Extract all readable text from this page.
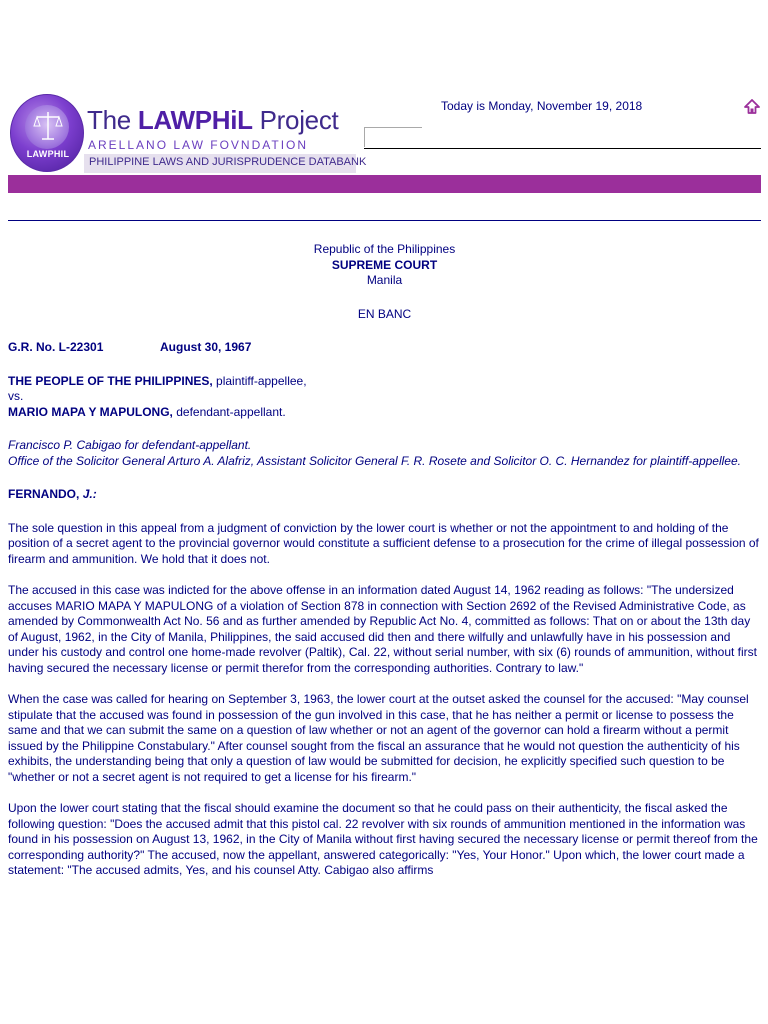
LAWPHIL
The LAWPHiL Project
ARELLANO LAW FOVNDATION
PHILIPPINE LAWS AND JURISPRUDENCE DATABANK
Today is Monday, November 19, 2018
Republic of the Philippines
SUPREME COURT
Manila
EN BANC
G.R. No. L-22301	August 30, 1967
THE PEOPLE OF THE PHILIPPINES, plaintiff-appellee,
vs.
MARIO MAPA Y MAPULONG, defendant-appellant.
Francisco P. Cabigao for defendant-appellant.
Office of the Solicitor General Arturo A. Alafriz, Assistant Solicitor General F. R. Rosete and Solicitor O. C. Hernandez for plaintiff-appellee.
FERNANDO, J.:

The sole question in this appeal from a judgment of conviction by the lower court is whether or not the appointment to and holding of the position of a secret agent to the provincial governor would constitute a sufficient defense to a prosecution for the crime of illegal possession of firearm and ammunition. We hold that it does not.

The accused in this case was indicted for the above offense in an information dated August 14, 1962 reading as follows: "The undersized accuses MARIO MAPA Y MAPULONG of a violation of Section 878 in connection with Section 2692 of the Revised Administrative Code, as amended by Commonwealth Act No. 56 and as further amended by Republic Act No. 4, committed as follows: That on or about the 13th day of August, 1962, in the City of Manila, Philippines, the said accused did then and there wilfully and unlawfully have in his possession and under his custody and control one home-made revolver (Paltik), Cal. 22, without serial number, with six (6) rounds of ammunition, without first having secured the necessary license or permit therefor from the corresponding authorities. Contrary to law."

When the case was called for hearing on September 3, 1963, the lower court at the outset asked the counsel for the accused: "May counsel stipulate that the accused was found in possession of the gun involved in this case, that he has neither a permit or license to possess the same and that we can submit the same on a question of law whether or not an agent of the governor can hold a firearm without a permit issued by the Philippine Constabulary." After counsel sought from the fiscal an assurance that he would not question the authenticity of his exhibits, the understanding being that only a question of law would be submitted for decision, he explicitly specified such question to be "whether or not a secret agent is not required to get a license for his firearm."

Upon the lower court stating that the fiscal should examine the document so that he could pass on their authenticity, the fiscal asked the following question: "Does the accused admit that this pistol cal. 22 revolver with six rounds of ammunition mentioned in the information was found in his possession on August 13, 1962, in the City of Manila without first having secured the necessary license or permit thereof from the corresponding authority?" The accused, now the appellant, answered categorically: "Yes, Your Honor." Upon which, the lower court made a statement: "The accused admits, Yes, and his counsel Atty. Cabigao also affirms
